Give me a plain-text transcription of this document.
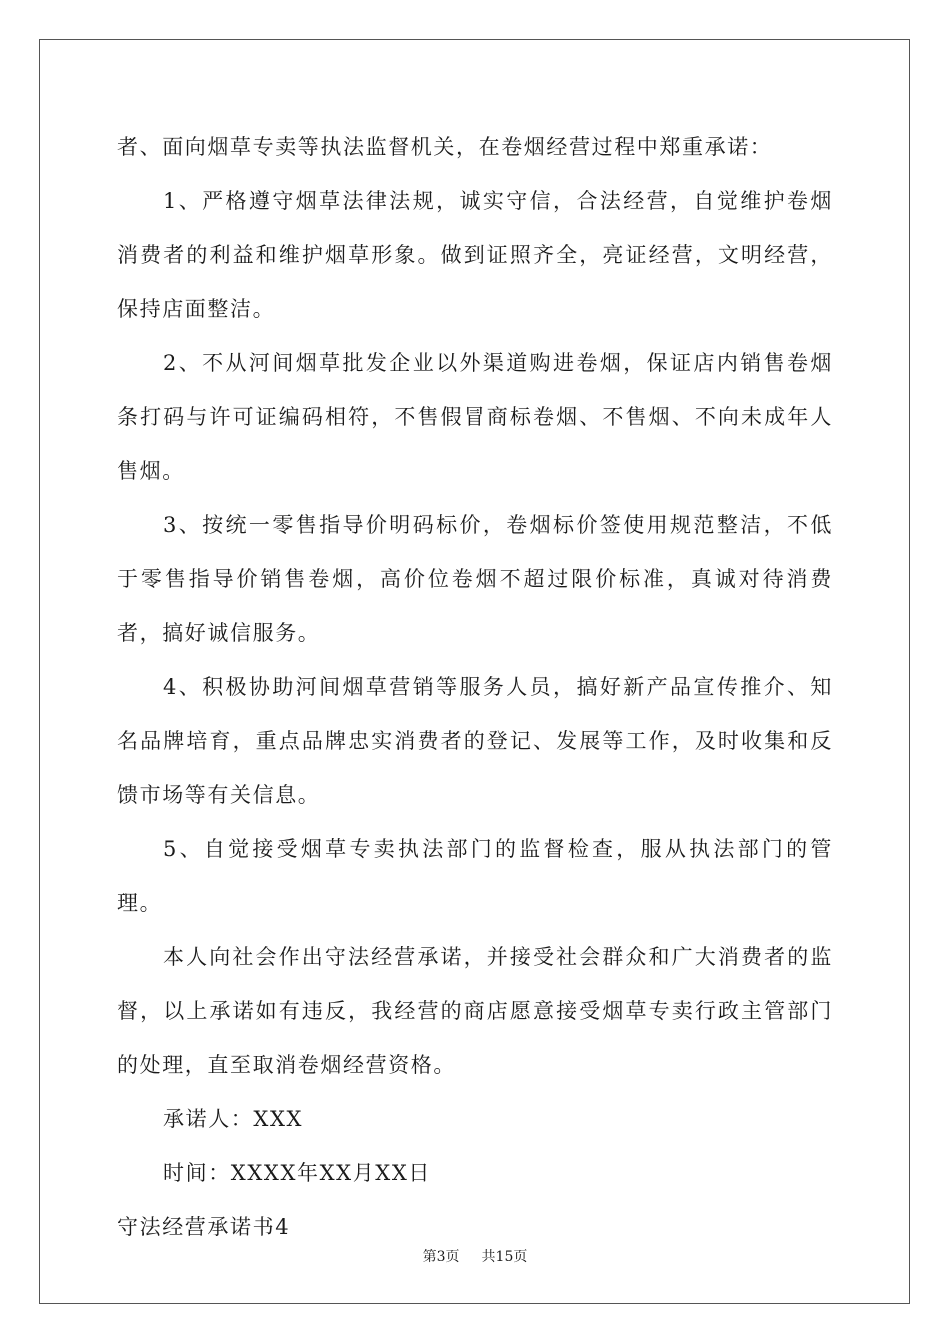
者、面向烟草专卖等执法监督机关，在卷烟经营过程中郑重承诺：

1、严格遵守烟草法律法规，诚实守信，合法经营，自觉维护卷烟消费者的利益和维护烟草形象。做到证照齐全，亮证经营，文明经营，保持店面整洁。

2、不从河间烟草批发企业以外渠道购进卷烟，保证店内销售卷烟条打码与许可证编码相符，不售假冒商标卷烟、不售烟、不向未成年人售烟。

3、按统一零售指导价明码标价，卷烟标价签使用规范整洁，不低于零售指导价销售卷烟，高价位卷烟不超过限价标准，真诚对待消费者，搞好诚信服务。

4、积极协助河间烟草营销等服务人员，搞好新产品宣传推介、知名品牌培育，重点品牌忠实消费者的登记、发展等工作，及时收集和反馈市场等有关信息。

5、自觉接受烟草专卖执法部门的监督检查，服从执法部门的管理。

本人向社会作出守法经营承诺，并接受社会群众和广大消费者的监督，以上承诺如有违反，我经营的商店愿意接受烟草专卖行政主管部门的处理，直至取消卷烟经营资格。

承诺人：XXX

时间：XXXX年XX月XX日

守法经营承诺书4

第3页 共15页
